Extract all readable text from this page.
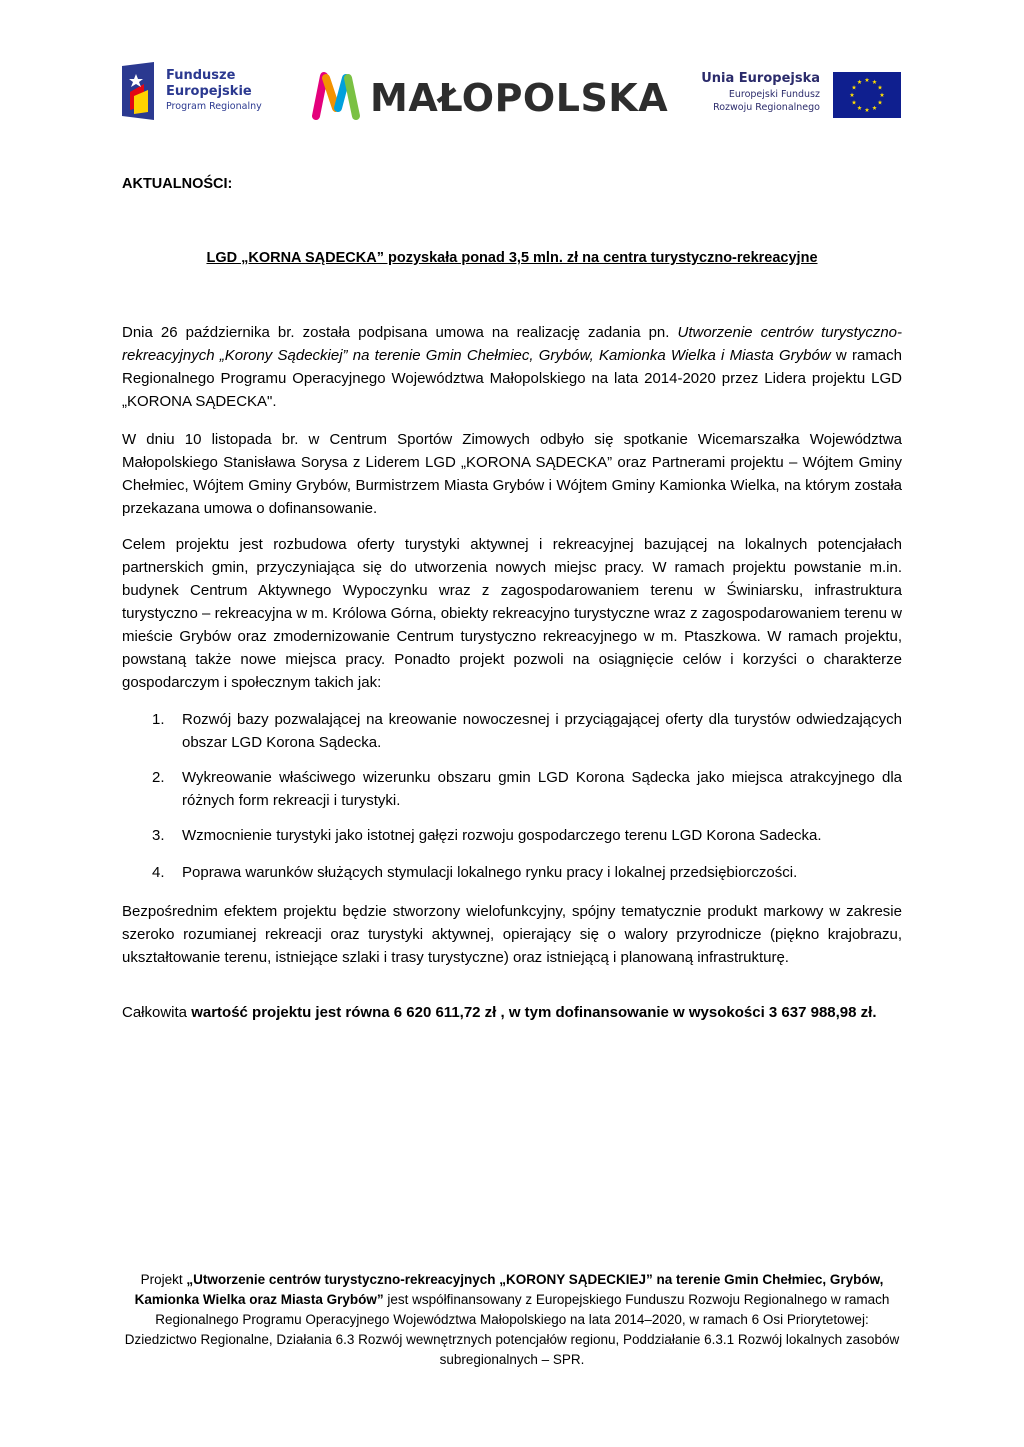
Fundusze
Europejskie
Program Regionalny	MAŁOPOLSKA	Unia Europejska
Europejski Fundusz
Rozwoju Regionalnego
AKTUALNOŚCI:
LGD „KORNA SĄDECKA” pozyskała ponad 3,5 mln. zł na centra turystyczno-rekreacyjne
Dnia 26 października br. została podpisana umowa na realizację zadania pn. Utworzenie centrów turystyczno-rekreacyjnych „Korony Sądeckiej” na terenie Gmin Chełmiec, Grybów, Kamionka Wielka i Miasta Grybów w ramach Regionalnego Programu Operacyjnego Województwa Małopolskiego na lata 2014-2020 przez Lidera projektu LGD „KORONA SĄDECKA".
W dniu 10 listopada br. w Centrum Sportów Zimowych odbyło się spotkanie Wicemarszałka Województwa Małopolskiego Stanisława Sorysa z Liderem LGD „KORONA SĄDECKA” oraz Partnerami projektu – Wójtem Gminy Chełmiec, Wójtem Gminy Grybów, Burmistrzem Miasta Grybów i Wójtem Gminy Kamionka Wielka, na którym została przekazana umowa o dofinansowanie.
Celem projektu jest rozbudowa oferty turystyki aktywnej i rekreacyjnej bazującej na lokalnych potencjałach partnerskich gmin, przyczyniająca się do utworzenia nowych miejsc pracy. W ramach projektu powstanie m.in. budynek Centrum Aktywnego Wypoczynku wraz z zagospodarowaniem terenu w Świniarsku, infrastruktura turystyczno – rekreacyjna w m. Królowa Górna, obiekty rekreacyjno turystyczne wraz z zagospodarowaniem terenu w mieście Grybów oraz zmodernizowanie Centrum turystyczno rekreacyjnego w m. Ptaszkowa. W ramach projektu, powstaną także nowe miejsca pracy. Ponadto projekt pozwoli na osiągnięcie celów i korzyści o charakterze gospodarczym i społecznym takich jak:
1. Rozwój bazy pozwalającej na kreowanie nowoczesnej i przyciągającej oferty dla turystów odwiedzających obszar LGD Korona Sądecka.
2. Wykreowanie właściwego wizerunku obszaru gmin LGD Korona Sądecka jako miejsca atrakcyjnego dla różnych form rekreacji i turystyki.
3. Wzmocnienie turystyki jako istotnej gałęzi rozwoju gospodarczego terenu LGD Korona Sadecka.
4. Poprawa warunków służących stymulacji lokalnego rynku pracy i lokalnej przedsiębiorczości.
Bezpośrednim efektem projektu będzie stworzony wielofunkcyjny, spójny tematycznie produkt markowy w zakresie szeroko rozumianej rekreacji oraz turystyki aktywnej, opierający się o walory przyrodnicze (piękno krajobrazu, ukształtowanie terenu, istniejące szlaki i trasy turystyczne) oraz istniejącą i planowaną infrastrukturę.
Całkowita wartość projektu jest równa 6 620 611,72 zł , w tym dofinansowanie w wysokości 3 637 988,98 zł.
Projekt „Utworzenie centrów turystyczno-rekreacyjnych „KORONY SĄDECKIEJ” na terenie Gmin Chełmiec, Grybów, Kamionka Wielka oraz Miasta Grybów” jest współfinansowany z Europejskiego Funduszu Rozwoju Regionalnego w ramach Regionalnego Programu Operacyjnego Województwa Małopolskiego na lata 2014–2020, w ramach 6 Osi Priorytetowej: Dziedzictwo Regionalne, Działania 6.3 Rozwój wewnętrznych potencjałów regionu, Poddziałanie 6.3.1 Rozwój lokalnych zasobów subregionalnych – SPR.
